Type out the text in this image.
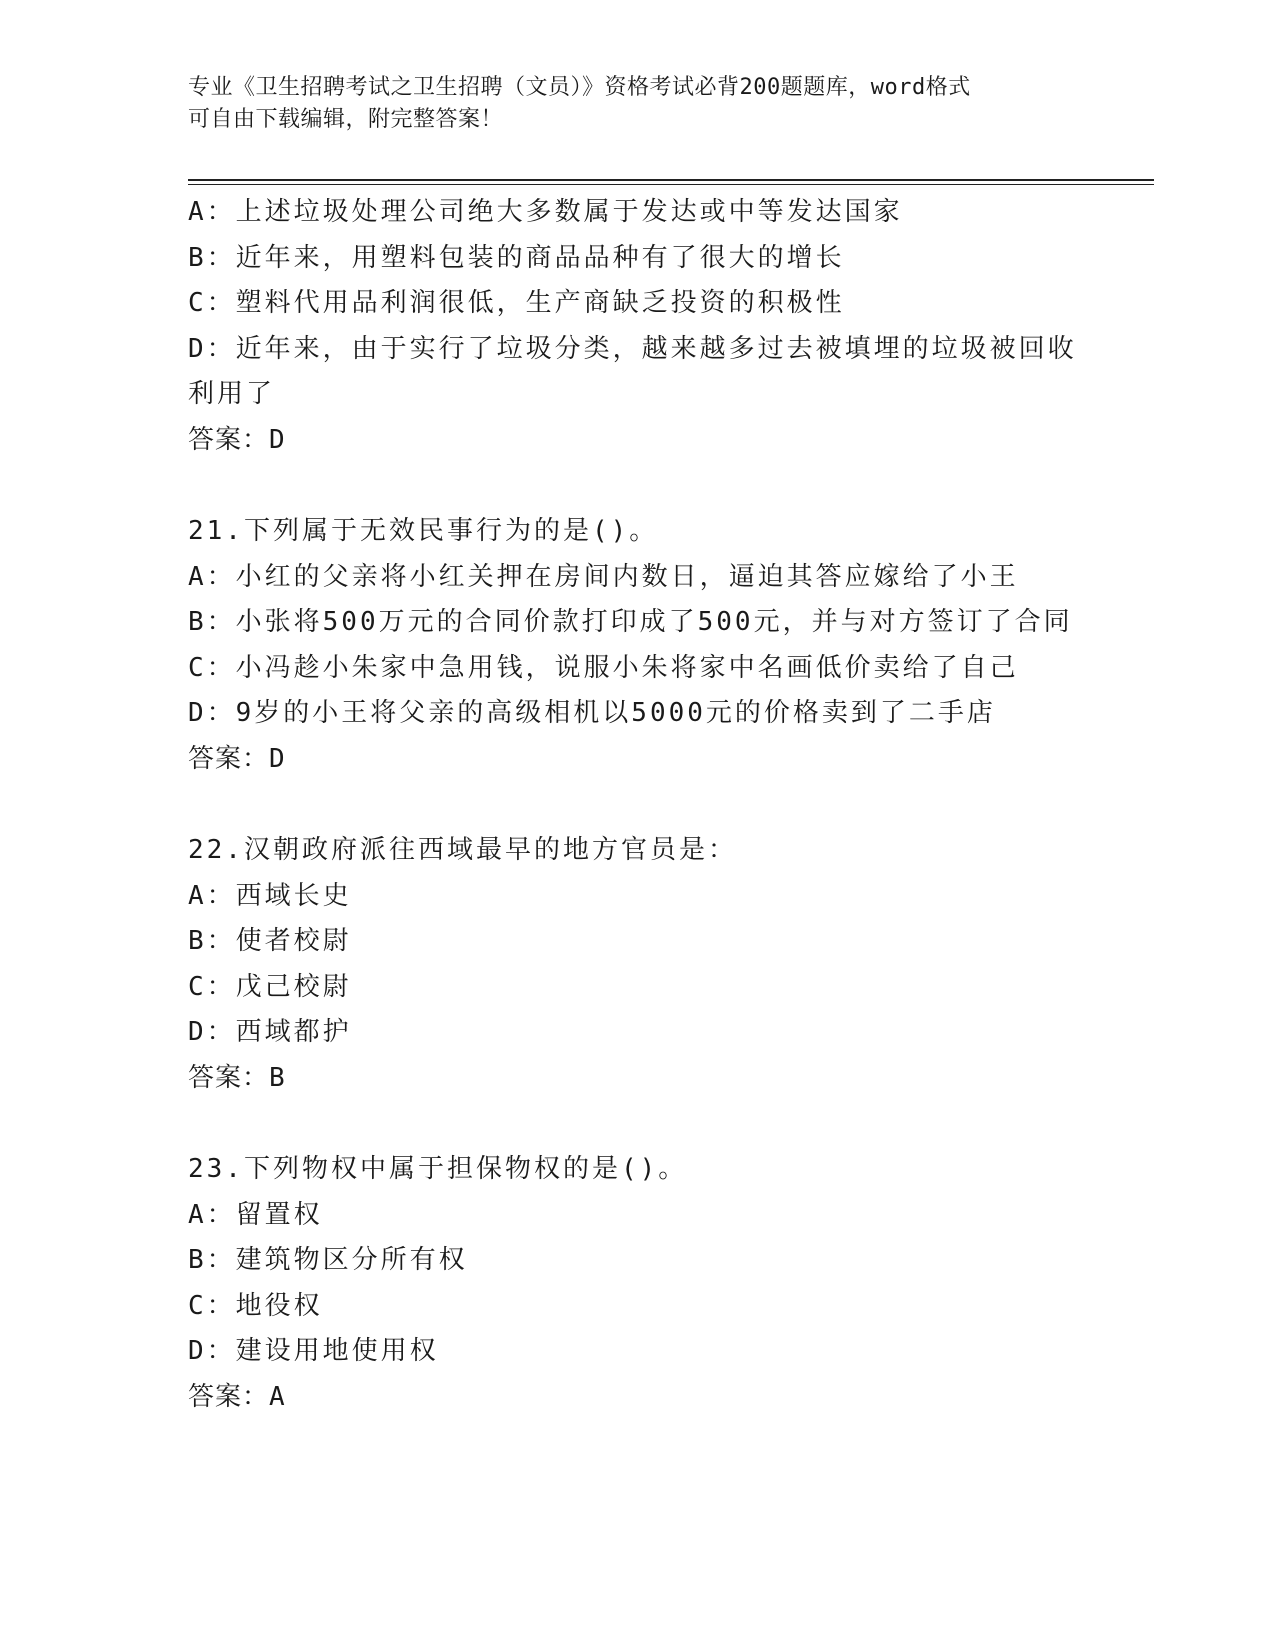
专业《卫生招聘考试之卫生招聘（文员）》资格考试必背200题题库，word格式
可自由下载编辑，附完整答案！
A：上述垃圾处理公司绝大多数属于发达或中等发达国家
B：近年来，用塑料包装的商品品种有了很大的增长
C：塑料代用品利润很低，生产商缺乏投资的积极性
D：近年来，由于实行了垃圾分类，越来越多过去被填埋的垃圾被回收
利用了
答案：D
21.下列属于无效民事行为的是()。
A：小红的父亲将小红关押在房间内数日，逼迫其答应嫁给了小王
B：小张将500万元的合同价款打印成了500元，并与对方签订了合同
C：小冯趁小朱家中急用钱，说服小朱将家中名画低价卖给了自己
D：9岁的小王将父亲的高级相机以5000元的价格卖到了二手店
答案：D
22.汉朝政府派往西域最早的地方官员是：
A：西域长史
B：使者校尉
C：戊己校尉
D：西域都护
答案：B
23.下列物权中属于担保物权的是()。
A：留置权
B：建筑物区分所有权
C：地役权
D：建设用地使用权
答案：A
